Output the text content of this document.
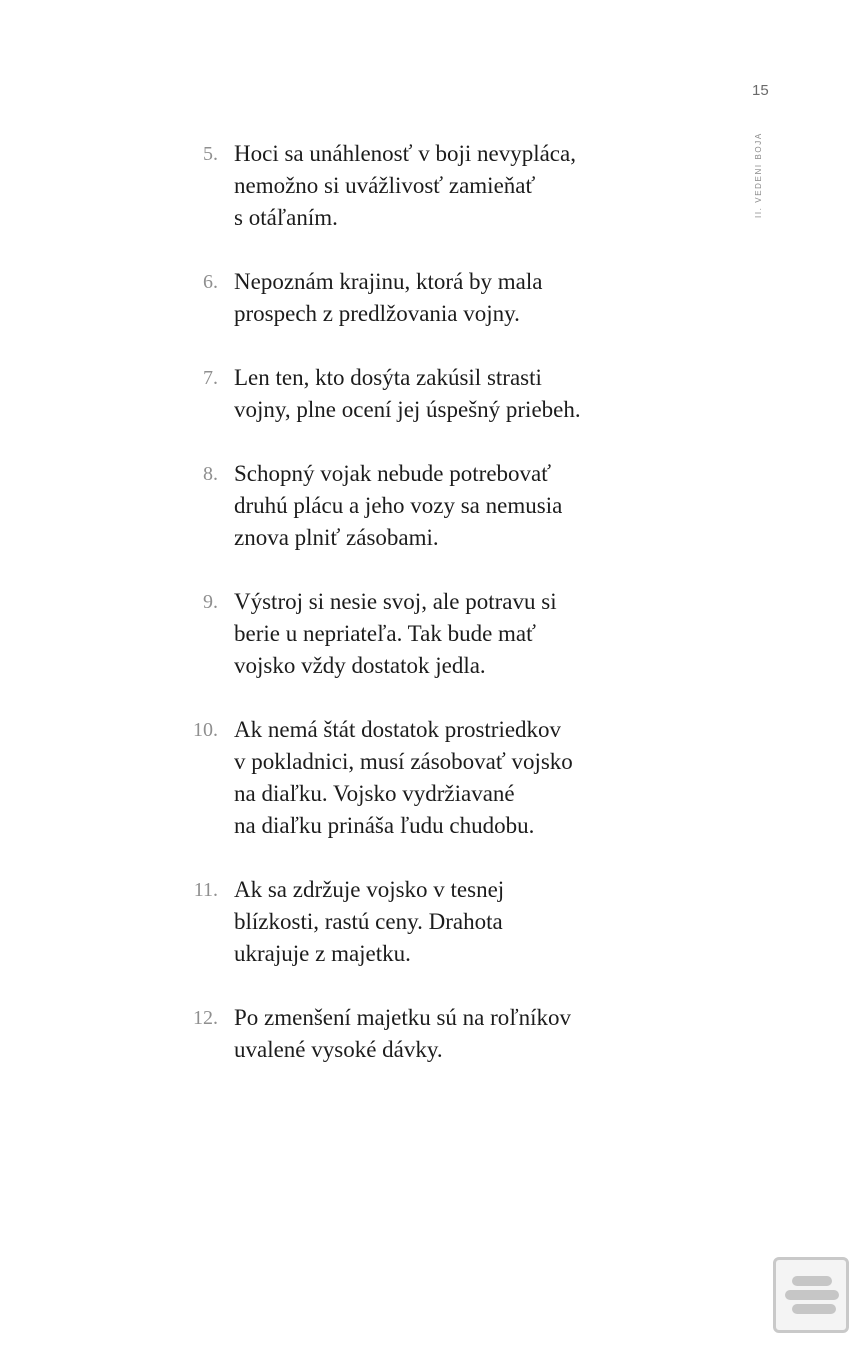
15
II. VEDENI BOJA
5. Hoci sa unáhlenosť v boji nevypláca,
nemožno si uvážlivosť zamieňať
s otáľaním.
6. Nepoznám krajinu, ktorá by mala
prospech z predlžovania vojny.
7. Len ten, kto dosýta zakúsil strasti
vojny, plne ocení jej úspešný priebeh.
8. Schopný vojak nebude potrebovať
druhú plácu a jeho vozy sa nemusia
znova plniť zásobami.
9. Výstroj si nesie svoj, ale potravu si
berie u nepriateľa. Tak bude mať
vojsko vždy dostatok jedla.
10. Ak nemá štát dostatok prostriedkov
v pokladnici, musí zásobovať vojsko
na diaľku. Vojsko vydržiavané
na diaľku prináša ľudu chudobu.
11. Ak sa zdržuje vojsko v tesnej
blízkosti, rastú ceny. Drahota
ukrajuje z majetku.
12. Po zmenšení majetku sú na roľníkov
uvalené vysoké dávky.
